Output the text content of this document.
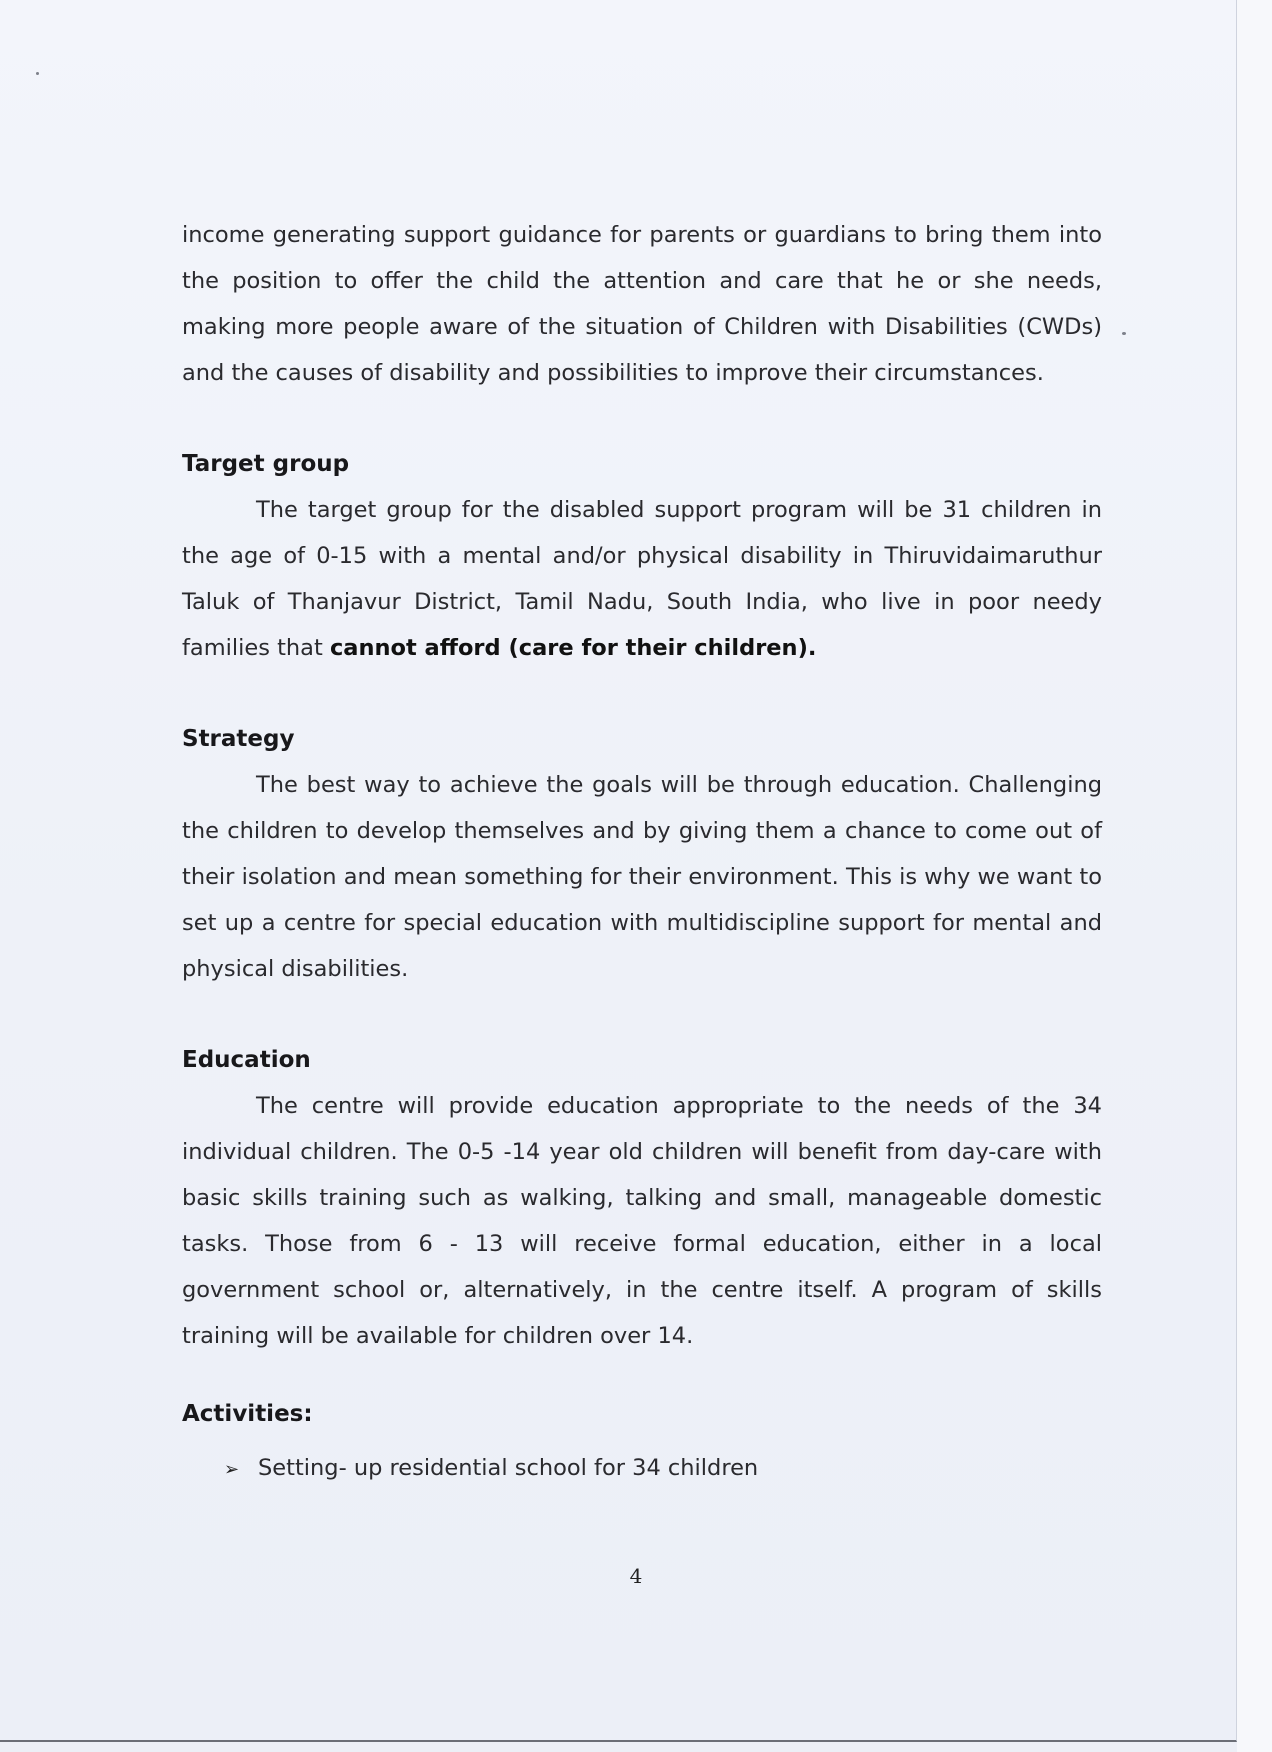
income generating support guidance for parents or guardians to bring them into the position to offer the child the attention and care that he or she needs, making more people aware of the situation of Children with Disabilities (CWDs) and the causes of disability and possibilities to improve their circumstances.

Target group

The target group for the disabled support program will be 31 children in the age of 0-15 with a mental and/or physical disability in Thiruvidaimaruthur Taluk of Thanjavur District, Tamil Nadu, South India, who live in poor needy families that cannot afford (care for their children).

Strategy

The best way to achieve the goals will be through education. Challenging the children to develop themselves and by giving them a chance to come out of their isolation and mean something for their environment. This is why we want to set up a centre for special education with multidiscipline support for mental and physical disabilities.

Education

The centre will provide education appropriate to the needs of the 34 individual children. The 0-5 -14 year old children will benefit from day-care with basic skills training such as walking, talking and small, manageable domestic tasks. Those from 6 - 13 will receive formal education, either in a local government school or, alternatively, in the centre itself. A program of skills training will be available for children over 14.

Activities:
➢ Setting- up residential school for 34 children
4
